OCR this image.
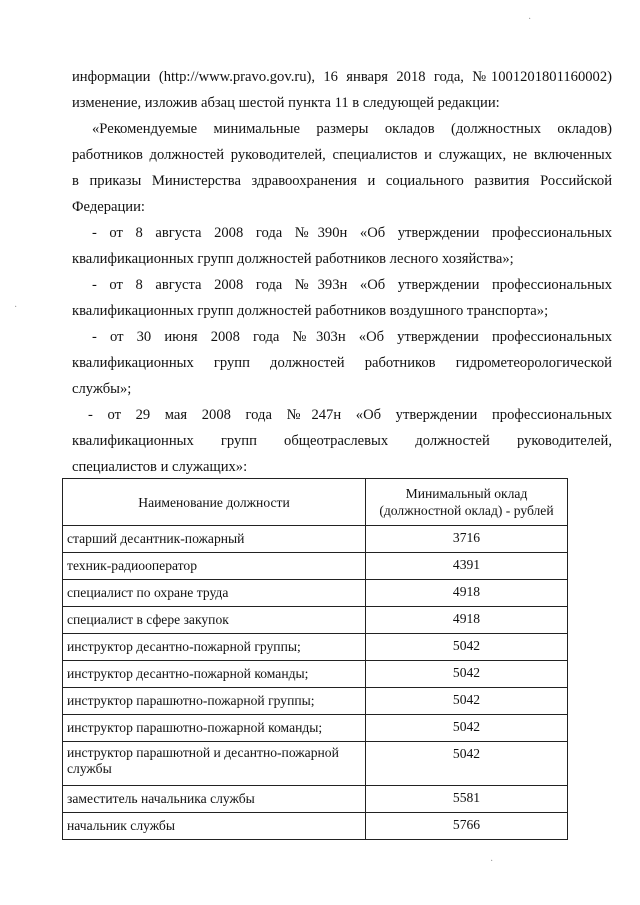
информации (http://www.pravo.gov.ru), 16 января 2018 года, №1001201801160002)
изменение, изложив абзац шестой пункта 11 в следующей редакции:
«Рекомендуемые минимальные размеры окладов (должностных окладов)
работников должностей руководителей, специалистов и служащих, не включенных
в приказы Министерства здравоохранения и социального развития Российской
Федерации:
- от 8 августа 2008 года №390н «Об утверждении профессиональных
квалификационных групп должностей работников лесного хозяйства»;
- от 8 августа 2008 года №393н «Об утверждении профессиональных
квалификационных групп должностей работников воздушного транспорта»;
- от 30 июня 2008 года №303н «Об утверждении профессиональных
квалификационных групп должностей работников гидрометеорологической
службы»;
- от 29 мая 2008 года №247н «Об утверждении профессиональных
квалификационных групп общеотраслевых должностей руководителей,
специалистов и служащих»:
Наименование должности	Минимальный оклад
(должностной оклад) - рублей

старший десантник-пожарный	3716
техник-радиооператор	4391
специалист по охране труда	4918
специалист в сфере закупок	4918
инструктор десантно-пожарной группы;	5042
инструктор десантно-пожарной команды;	5042
инструктор парашютно-пожарной группы;	5042
инструктор парашютно-пожарной команды;	5042
инструктор парашютной и десантно-пожарной службы	5042
заместитель начальника службы	5581
начальник службы	5766
·
·
·
